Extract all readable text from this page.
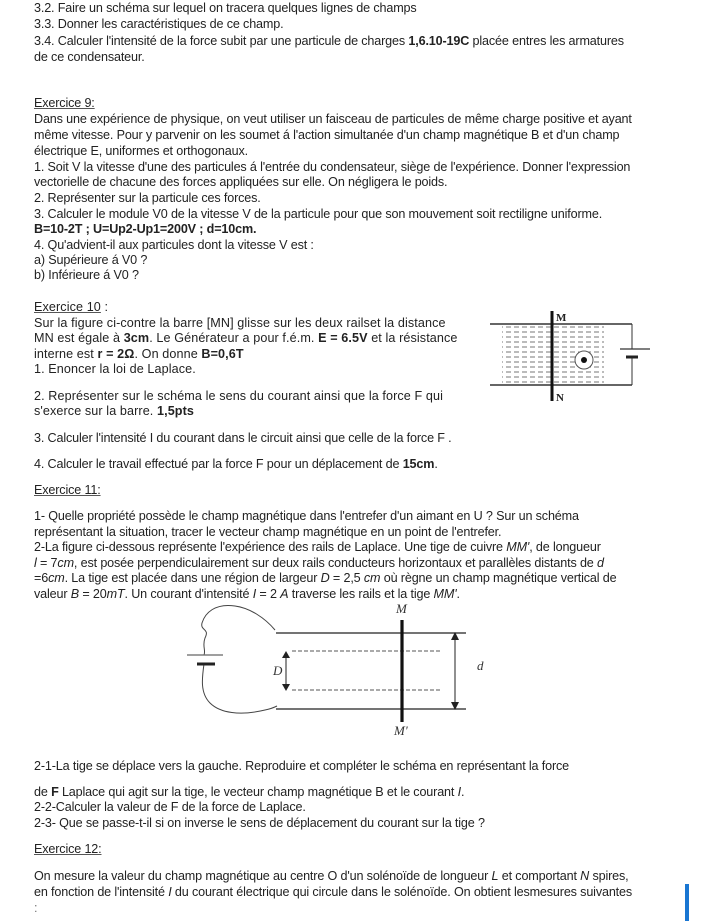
3.2. Faire un schéma sur lequel on tracera quelques lignes de champs
3.3. Donner les caractéristiques de ce champ.
3.4. Calculer l'intensité de la force subit par une particule de charges 1,6.10-19C placée entres les armatures
de ce condensateur.
Exercice 9:
Dans une expérience de physique, on veut utiliser un faisceau de particules de même charge positive et ayant
même vitesse. Pour y parvenir on les soumet á l'action simultanée d'un champ magnétique B et d'un champ
électrique E, uniformes et orthogonaux.
1. Soit V la vitesse d'une des particules á l'entrée du condensateur, siège de l'expérience. Donner l'expression
vectorielle de chacune des forces appliquées sur elle. On négligera le poids.
2. Représenter sur la particule ces forces.
3. Calculer le module V0 de la vitesse V de la particule pour que son mouvement soit rectiligne uniforme.
B=10-2T ; U=Up2-Up1=200V ; d=10cm.
4. Qu'advient-il aux particules dont la vitesse V est :
a) Supérieure á V0 ?
b) Inférieure á V0 ?
Exercice 10 :
Sur la figure ci-contre la barre [MN] glisse sur les deux railset la distance
MN est égale à 3cm. Le Générateur a pour f.é.m. E = 6.5V et la résistance
interne est r = 2Ω. On donne B=0,6T
1. Enoncer la loi de Laplace.
2. Représenter sur le schéma le sens du courant ainsi que la force F qui
s'exerce sur la barre. 1,5pts
3. Calculer l'intensité I du courant dans le circuit ainsi que celle de la force F .
4. Calculer le travail effectué par la force F pour un déplacement de 15cm.
M
N
Exercice 11:
1- Quelle propriété possède le champ magnétique dans l'entrefer d'un aimant en U ? Sur un schéma
représentant la situation, tracer le vecteur champ magnétique en un point de l'entrefer.
2-La figure ci-dessous représente l'expérience des rails de Laplace. Une tige de cuivre MM', de longueur
l = 7cm, est posée perpendiculairement sur deux rails conducteurs horizontaux et parallèles distants de d
=6cm. La tige est placée dans une région de largeur D = 2,5 cm où règne un champ magnétique vertical de
valeur B = 20mT. Un courant d'intensité I = 2 A traverse les rails et la tige MM'.
M
M'
D	d
2-1-La tige se déplace vers la gauche. Reproduire et compléter le schéma en représentant la force
de F Laplace qui agit sur la tige, le vecteur champ magnétique B et le courant I.
2-2-Calculer la valeur de F de la force de Laplace.
2-3- Que se passe-t-il si on inverse le sens de déplacement du courant sur la tige ?
Exercice 12:
On mesure la valeur du champ magnétique au centre O d'un solénoïde de longueur L et comportant N spires,
en fonction de l'intensité I du courant électrique qui circule dans le solénoïde. On obtient lesmesures suivantes
:
